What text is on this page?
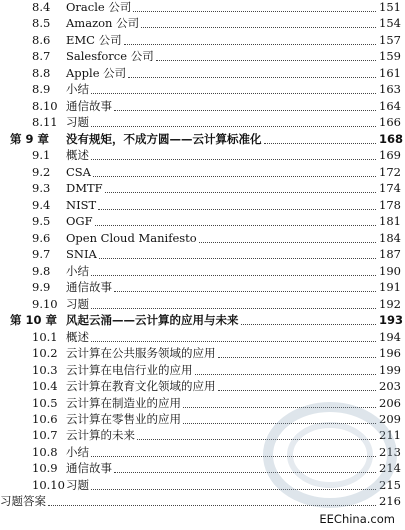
8.4	Oracle 公司	151
8.5	Amazon 公司	154
8.6	EMC 公司	157
8.7	Salesforce 公司	159
8.8	Apple 公司	161
8.9	小结	163
8.10 通信故事	164
8.11 习题	166
第 9 章	没有规矩，不成方圆——云计算标准化	168
9.1	概述	169
9.2	CSA	172
9.3	DMTF	174
9.4	NIST	178
9.5	OGF	181
9.6	Open Cloud Manifesto	184
9.7	SNIA	187
9.8	小结	190
9.9	通信故事	191
9.10 习题	192
第 10 章 风起云涌——云计算的应用与未来	193
10.1 概述	194
10.2 云计算在公共服务领域的应用	196
10.3 云计算在电信行业的应用	199
10.4 云计算在教育文化领域的应用	203
10.5 云计算在制造业的应用	206
10.6 云计算在零售业的应用	209
10.7 云计算的未来	211
10.8 小结	213
10.9 通信故事	214
10.10 习题	215
习题答案	216
EEChina.com
